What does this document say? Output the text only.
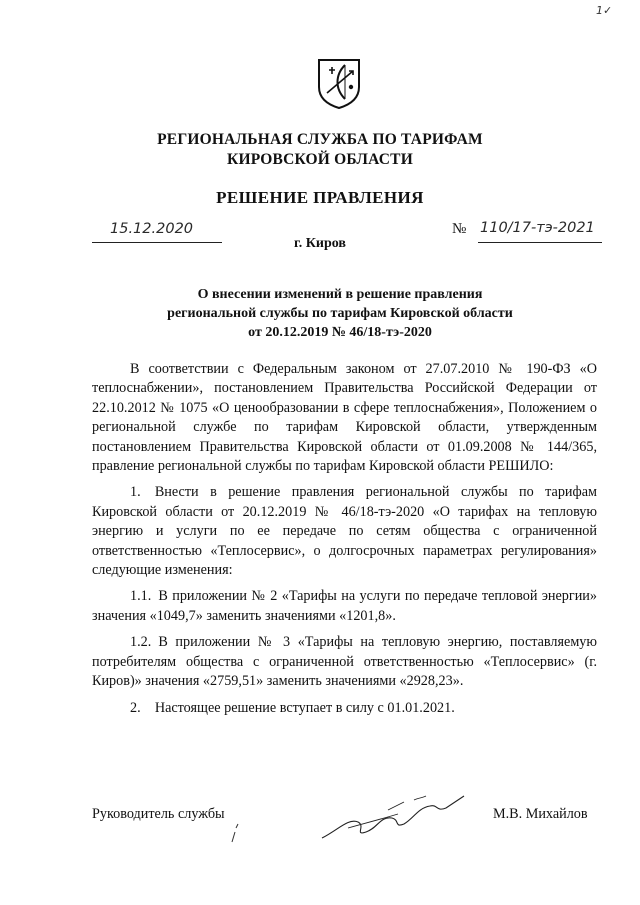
1✓
РЕГИОНАЛЬНАЯ СЛУЖБА ПО ТАРИФАМ
КИРОВСКОЙ ОБЛАСТИ
РЕШЕНИЕ ПРАВЛЕНИЯ
15.12.2020	№ 110/17-тэ-2021
г. Киров
О внесении изменений в решение правления
региональной службы по тарифам Кировской области
от 20.12.2019 № 46/18-тэ-2020

В соответствии с Федеральным законом от 27.07.2010 № 190-ФЗ «О теплоснабжении», постановлением Правительства Российской Федерации от 22.10.2012 № 1075 «О ценообразовании в сфере теплоснабжения», Положением о региональной службе по тарифам Кировской области, утвержденным постановлением Правительства Кировской области от 01.09.2008 № 144/365, правление региональной службы по тарифам Кировской области РЕШИЛО:

1. Внести в решение правления региональной службы по тарифам Кировской области от 20.12.2019 № 46/18-тэ-2020 «О тарифах на тепловую энергию и услуги по ее передаче по сетям общества с ограниченной ответственностью «Теплосервис», о долгосрочных параметрах регулирования» следующие изменения:

1.1. В приложении № 2 «Тарифы на услуги по передаче тепловой энергии» значения «1049,7» заменить значениями «1201,8».

1.2. В приложении № 3 «Тарифы на тепловую энергию, поставляемую потребителям общества с ограниченной ответственностью «Теплосервис» (г. Киров)» значения «2759,51» заменить значениями «2928,23».

2. Настоящее решение вступает в силу с 01.01.2021.

Руководитель службы	М.В. Михайлов
